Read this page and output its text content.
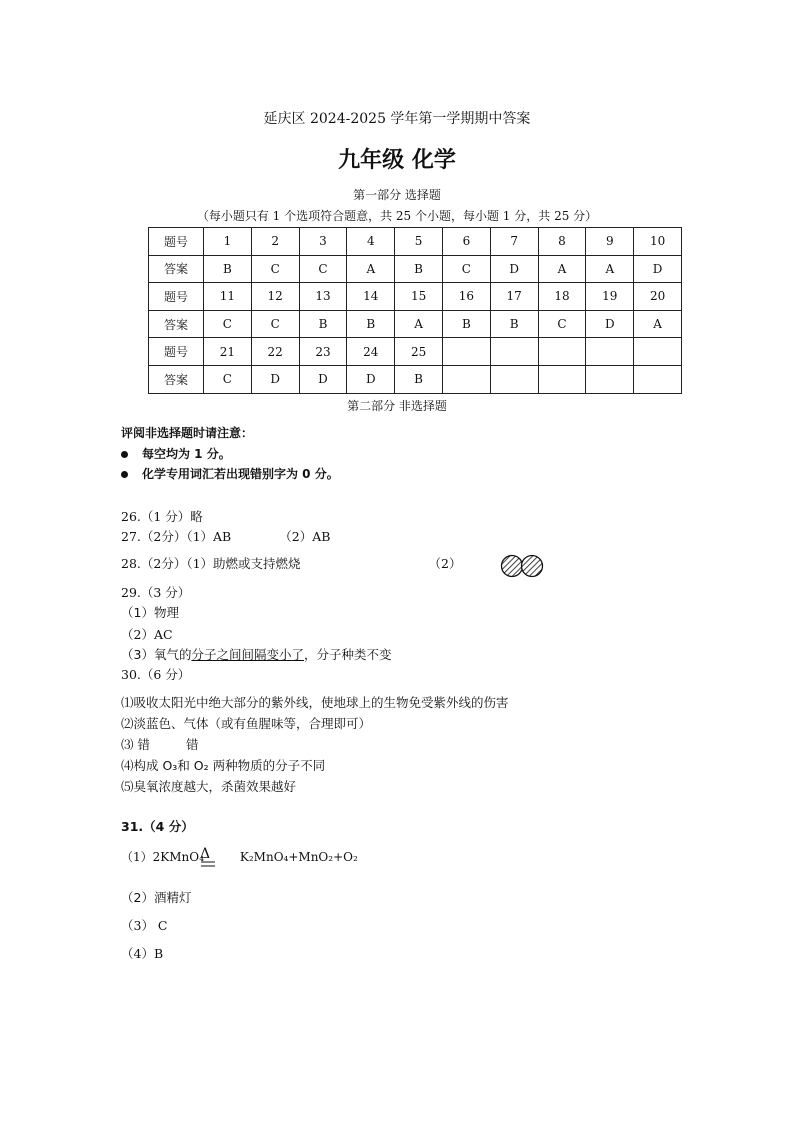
延庆区 2024-2025 学年第一学期期中答案
九年级 化学
第一部分 选择题
（每小题只有 1 个选项符合题意，共 25 个小题，每小题 1 分，共 25 分）
题号	1	2	3	4	5	6	7	8	9	10
答案	B	C	C	A	B	C	D	A	A	D
题号	11	12	13	14	15	16	17	18	19	20
答案	C	C	B	B	A	B	B	C	D	A
题号	21	22	23	24	25					
答案	C	D	D	D	B					
第二部分 非选择题
评阅非选择题时请注意：
每空均为 1 分。
化学专用词汇若出现错别字为 0 分。
26.（1 分）略
27.（2分）（1）AB	（2）AB
28.（2分）（1）助燃或支持燃烧	（2）
29.（3 分）
（1）物理
（2）AC
（3）氧气的分子之间间隔变小了，分子种类不变
30.（6 分）
⑴吸收太阳光中绝大部分的紫外线，使地球上的生物免受紫外线的伤害
⑵淡蓝色、气体（或有鱼腥味等，合理即可）
⑶ 错	错
⑷构成 O₃和 O₂ 两种物质的分子不同
⑸臭氧浓度越大，杀菌效果越好
31.（4 分）
（1）2KMnO₄	K₂MnO₄+MnO₂+O₂
Δ
（2）酒精灯
（3） C
（4）B
